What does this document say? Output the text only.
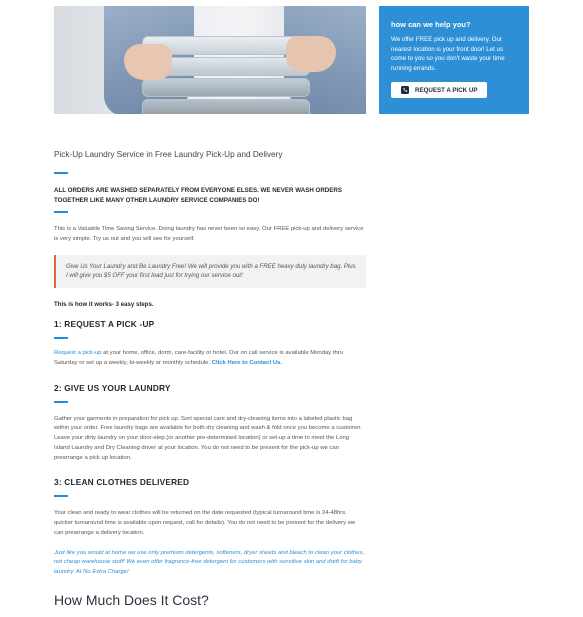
how can we help you?

We offer FREE pick up and delivery. Our nearest location is your front door! Let us come to you so you don't waste your time running errands.

REQUEST A PICK UP

Pick-Up Laundry Service in Free Laundry Pick-Up and Delivery

ALL ORDERS ARE WASHED SEPARATELY FROM EVERYONE ELSES. WE NEVER WASH ORDERS TOGETHER LIKE MANY OTHER LAUNDRY SERVICE COMPANIES DO!

This is a Valuable Time Saving Service. Doing laundry has never been so easy. Our FREE pick-up and delivery service is very simple. Try us out and you will see for yourself.

Give Us Your Laundry and Be Laundry Free! We will provide you with a FREE heavy duty laundry bag. Plus I will give you $5 OFF your first load just for trying our service out!

This is how it works- 3 easy steps.

1: REQUEST A PICK -UP

Request a pick-up at your home, office, dorm, care-facility or hotel. Our on call service is available Monday thru Saturday or set up a weekly, bi-weekly or monthly schedule. Click Here to Contact Us.

2: GIVE US YOUR LAUNDRY

Gather your garments in preparation for pick up. Sort special care and dry-cleaning items into a labeled plastic bag within your order. Free laundry bags are available for both dry cleaning and wash & fold once you become a customer. Leave your dirty laundry on your door-step (or another pre-determined location) or set-up a time to meet the Long Island Laundry and Dry Cleaning driver at your location. You do not need to be present for the pick-up we can prearrange a pick up location.

3: CLEAN CLOTHES DELIVERED

Your clean and ready to wear clothes will be returned on the date requested (typical turnaround time is 24-48hrs. quicker turnaround time is available upon request, call for details). You do not need to be present for the delivery we can prearrange a delivery location.

Just like you would at home we use only premium detergents, softeners, dryer sheets and bleach to clean your clothes, not cheap warehouse stuff! We even offer fragrance-free detergent for customers with sensitive skin and dreft for baby laundry. At No Extra Charge!

How Much Does It Cost?
